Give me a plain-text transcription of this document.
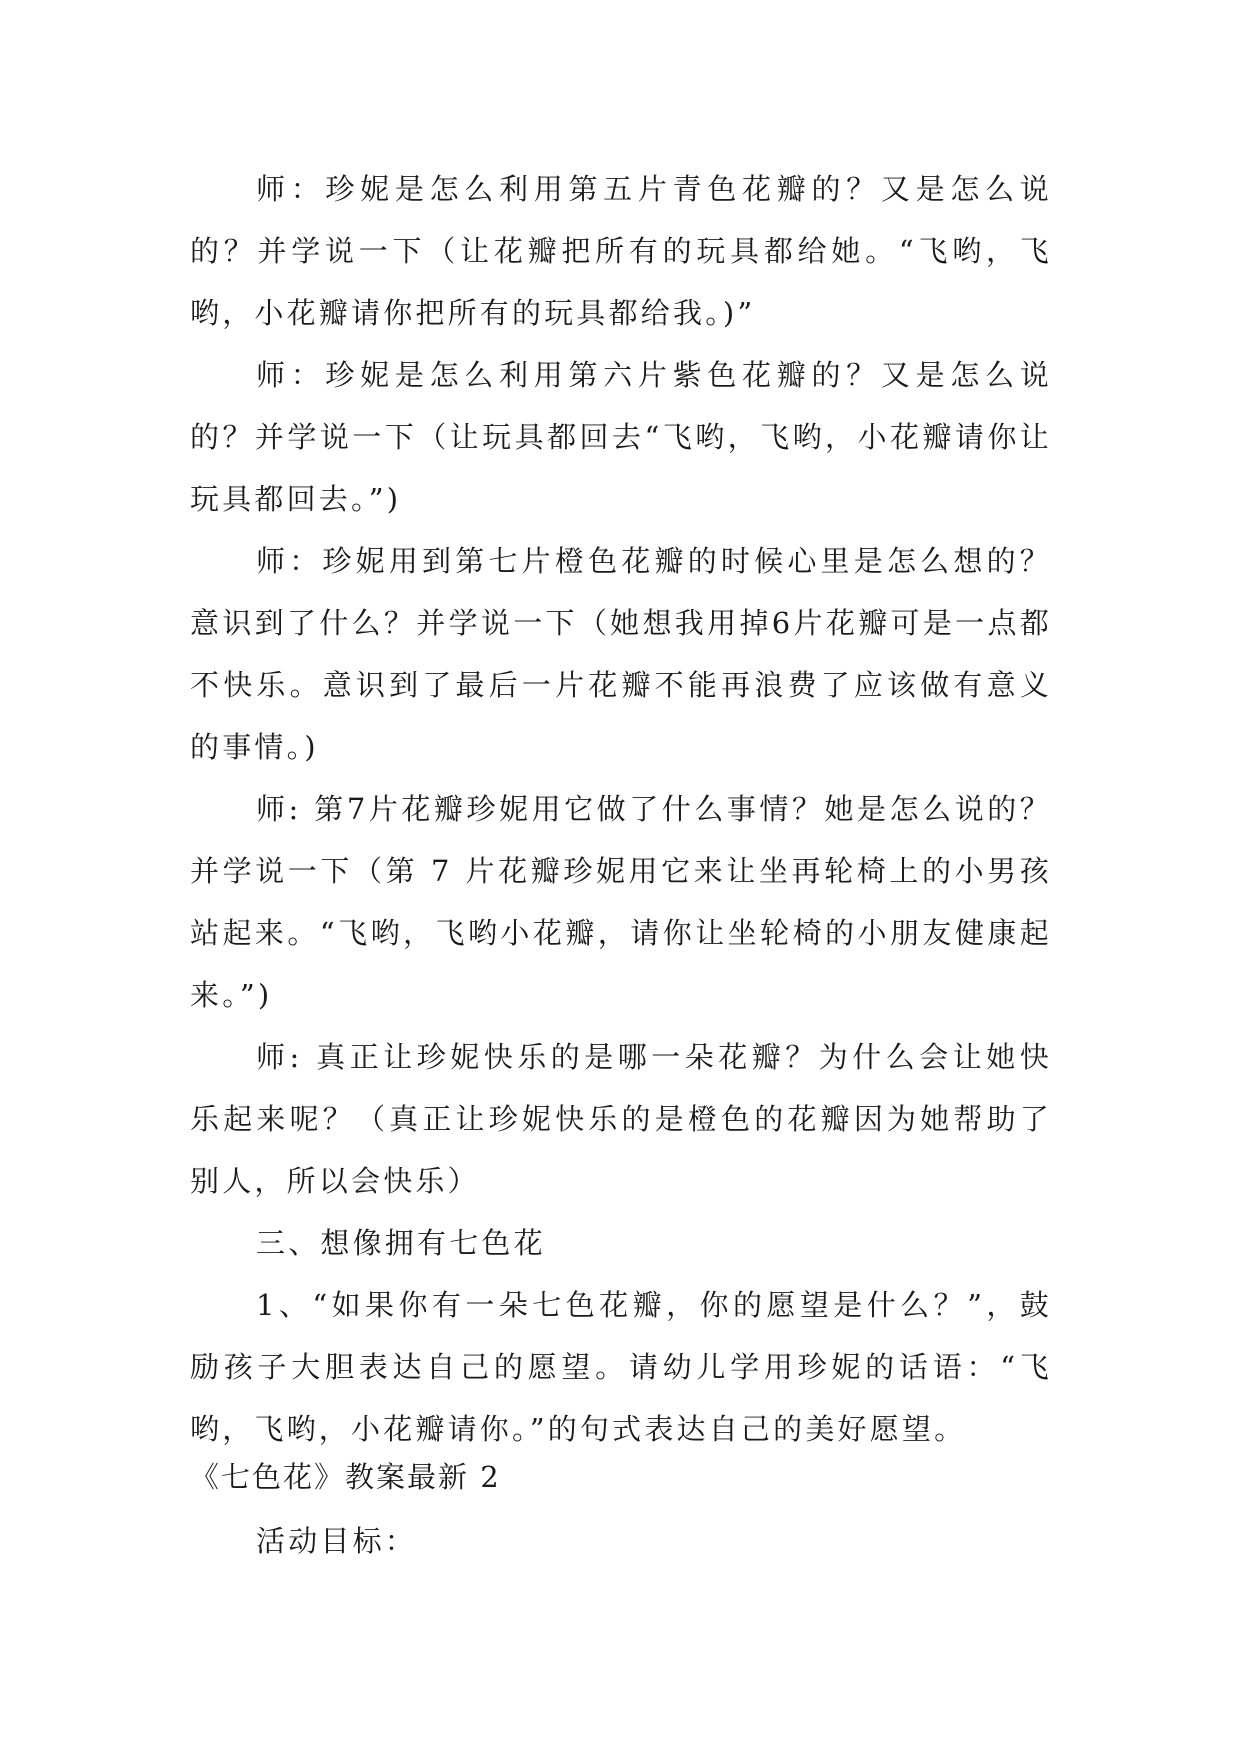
师：珍妮是怎么利用第五片青色花瓣的？又是怎么说的？并学说一下（让花瓣把所有的玩具都给她。“飞哟，飞哟，小花瓣请你把所有的玩具都给我。)”

师：珍妮是怎么利用第六片紫色花瓣的？又是怎么说的？并学说一下（让玩具都回去“飞哟，飞哟，小花瓣请你让玩具都回去。”)

师：珍妮用到第七片橙色花瓣的时候心里是怎么想的？意识到了什么？并学说一下（她想我用掉6片花瓣可是一点都不快乐。意识到了最后一片花瓣不能再浪费了应该做有意义的事情。)

师: 第7片花瓣珍妮用它做了什么事情？她是怎么说的？并学说一下（第 7 片花瓣珍妮用它来让坐再轮椅上的小男孩站起来。“飞哟，飞哟小花瓣，请你让坐轮椅的小朋友健康起来。”)

师: 真正让珍妮快乐的是哪一朵花瓣？为什么会让她快乐起来呢？（真正让珍妮快乐的是橙色的花瓣因为她帮助了别人，所以会快乐）

三、想像拥有七色花

1、“如果你有一朵七色花瓣，你的愿望是什么？”，鼓励孩子大胆表达自己的愿望。请幼儿学用珍妮的话语：“飞哟，飞哟，小花瓣请你。”的句式表达自己的美好愿望。

《七色花》教案最新 2

活动目标：
